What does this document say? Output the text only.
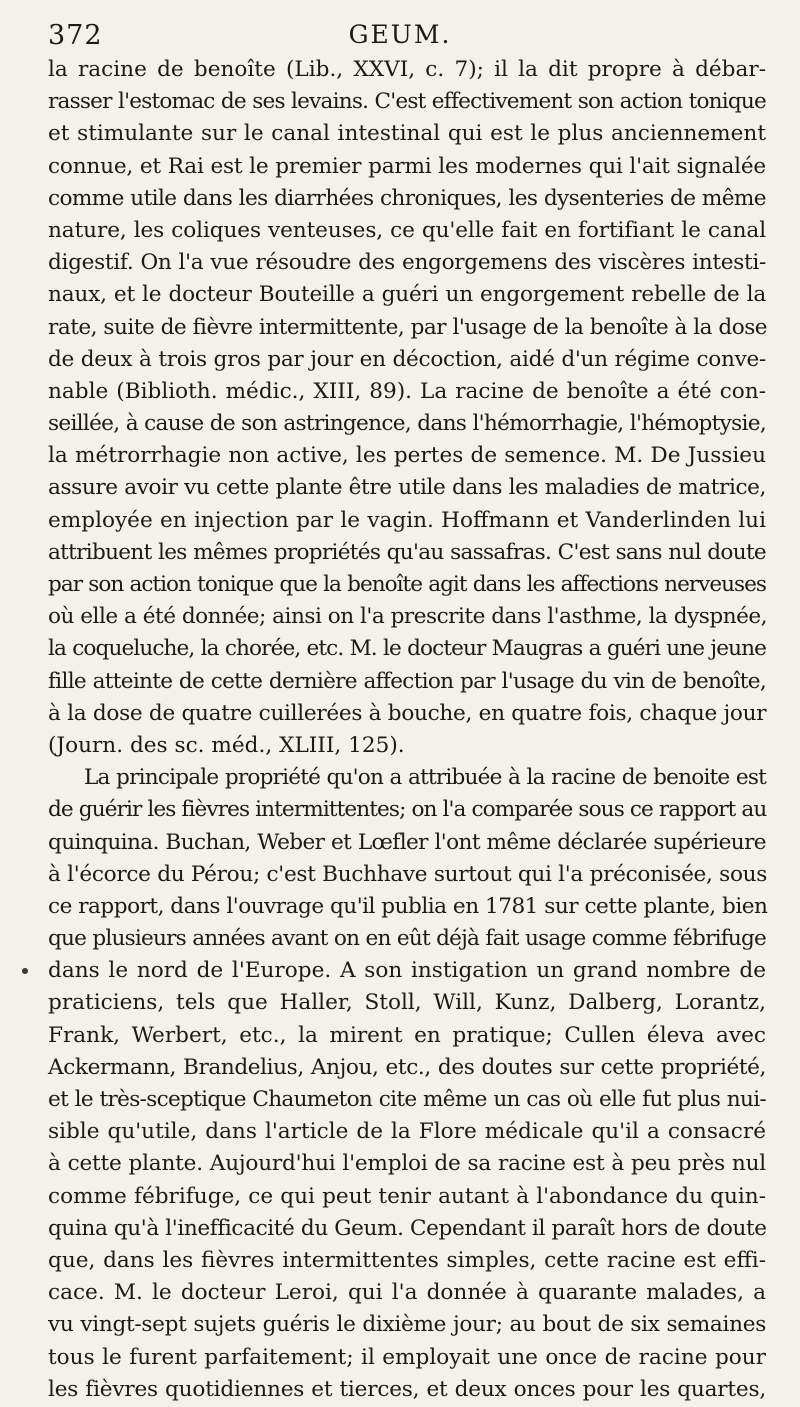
372	GEUM.
la racine de benoîte (Lib., XXVI, c. 7); il la dit propre à débar-
rasser l'estomac de ses levains. C'est effectivement son action tonique
et stimulante sur le canal intestinal qui est le plus anciennement
connue, et Rai est le premier parmi les modernes qui l'ait signalée
comme utile dans les diarrhées chroniques, les dysenteries de même
nature, les coliques venteuses, ce qu'elle fait en fortifiant le canal
digestif. On l'a vue résoudre des engorgemens des viscères intesti-
naux, et le docteur Bouteille a guéri un engorgement rebelle de la
rate, suite de fièvre intermittente, par l'usage de la benoîte à la dose
de deux à trois gros par jour en décoction, aidé d'un régime conve-
nable (Biblioth. médic., XIII, 89). La racine de benoîte a été con-
seillée, à cause de son astringence, dans l'hémorrhagie, l'hémoptysie,
la métrorrhagie non active, les pertes de semence. M. De Jussieu
assure avoir vu cette plante être utile dans les maladies de matrice,
employée en injection par le vagin. Hoffmann et Vanderlinden lui
attribuent les mêmes propriétés qu'au sassafras. C'est sans nul doute
par son action tonique que la benoîte agit dans les affections nerveuses
où elle a été donnée; ainsi on l'a prescrite dans l'asthme, la dyspnée,
la coqueluche, la chorée, etc. M. le docteur Maugras a guéri une jeune
fille atteinte de cette dernière affection par l'usage du vin de benoîte,
à la dose de quatre cuillerées à bouche, en quatre fois, chaque jour
(Journ. des sc. méd., XLIII, 125).
La principale propriété qu'on a attribuée à la racine de benoite est
de guérir les fièvres intermittentes; on l'a comparée sous ce rapport au
quinquina. Buchan, Weber et Lœfler l'ont même déclarée supérieure
à l'écorce du Pérou; c'est Buchhave surtout qui l'a préconisée, sous
ce rapport, dans l'ouvrage qu'il publia en 1781 sur cette plante, bien
que plusieurs années avant on en eût déjà fait usage comme fébrifuge
dans le nord de l'Europe. A son instigation un grand nombre de
praticiens, tels que Haller, Stoll, Will, Kunz, Dalberg, Lorantz,
Frank, Werbert, etc., la mirent en pratique; Cullen éleva avec
Ackermann, Brandelius, Anjou, etc., des doutes sur cette propriété,
et le très-sceptique Chaumeton cite même un cas où elle fut plus nui-
sible qu'utile, dans l'article de la Flore médicale qu'il a consacré
à cette plante. Aujourd'hui l'emploi de sa racine est à peu près nul
comme fébrifuge, ce qui peut tenir autant à l'abondance du quin-
quina qu'à l'inefficacité du Geum. Cependant il paraît hors de doute
que, dans les fièvres intermittentes simples, cette racine est effi-
cace. M. le docteur Leroi, qui l'a donnée à quarante malades, a
vu vingt-sept sujets guéris le dixième jour; au bout de six semaines
tous le furent parfaitement; il employait une once de racine pour
les fièvres quotidiennes et tierces, et deux onces pour les quartes,
